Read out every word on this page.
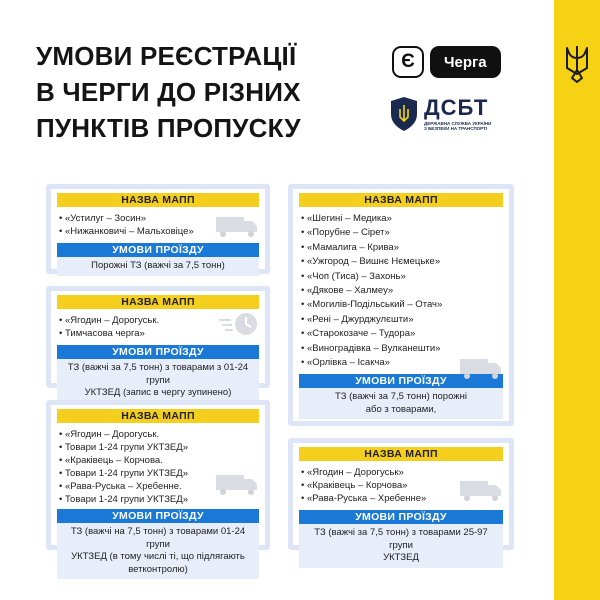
УМОВИ РЕЄСТРАЦІЇ
В ЧЕРГИ ДО РІЗНИХ
ПУНКТІВ ПРОПУСКУ
Є	Черга
ДСБТ
ДЕРЖАВНА СЛУЖБА УКРАЇНИ
З БЕЗПЕКИ НА ТРАНСПОРТІ
НАЗВА МАПП
• «Устилуг – Зосин»
• «Нижанковичі – Мальховіце»
УМОВИ ПРОЇЗДУ
Порожні ТЗ (важчі за 7,5 тонн)
НАЗВА МАПП
• «Ягодин – Дорогуськ.
• Тимчасова черга»
УМОВИ ПРОЇЗДУ
ТЗ (важчі за 7,5 тонн) з товарами з 01-24 групи
УКТЗЕД (запис в чергу зупинено)
НАЗВА МАПП
• «Ягодин – Дорогуськ.
• Товари 1-24 групи УКТЗЕД»
• «Краківець – Корчова.
• Товари 1-24 групи УКТЗЕД»
• «Рава-Руська – Хребенне.
• Товари 1-24 групи УКТЗЕД»
УМОВИ ПРОЇЗДУ
ТЗ (важчі на 7,5 тонн) з товарами 01-24 групи
УКТЗЕД (в тому числі ті, що підлягають
ветконтролю)
НАЗВА МАПП
• «Шегині – Медика»
• «Порубне – Сірет»
• «Мамалига – Крива»
• «Ужгород – Вишнє Нємецьке»
• «Чоп (Тиса) – Захонь»
• «Дякове – Халмеу»
• «Могилів-Подільський – Отач»
• «Рені – Джурджулєшти»
• «Старокозаче – Тудора»
• «Виноградівка – Вулканешти»
• «Орлівка – Ісакча»
УМОВИ ПРОЇЗДУ
ТЗ (важчі за 7,5 тонн) порожні
або з товарами,
НАЗВА МАПП
• «Ягодин – Дорогуськ»
• «Краківець – Корчова»
• «Рава-Руська – Хребенне»
УМОВИ ПРОЇЗДУ
ТЗ (важчі за 7,5 тонн) з товарами 25-97 групи
УКТЗЕД
